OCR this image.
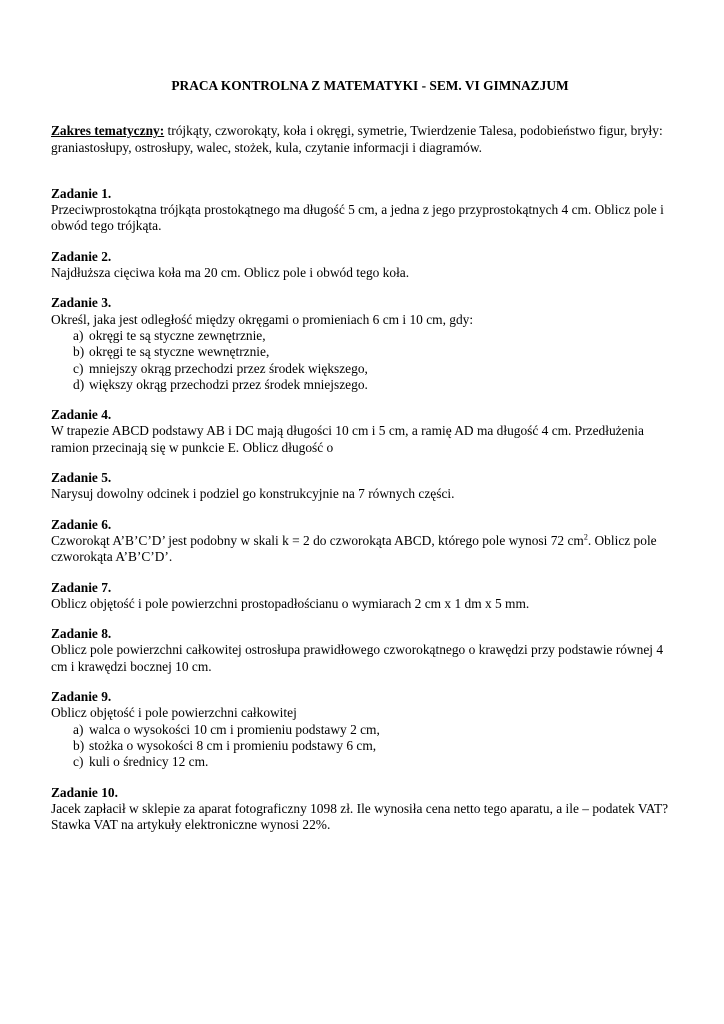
PRACA KONTROLNA Z MATEMATYKI - SEM. VI GIMNAZJUM
Zakres tematyczny: trójkąty, czworokąty, koła i okręgi, symetrie, Twierdzenie Talesa, podobieństwo figur, bryły: graniastosłupy, ostrosłupy, walec, stożek, kula, czytanie informacji i diagramów.
Zadanie 1.
Przeciwprostokątna trójkąta prostokątnego ma długość 5 cm, a jedna z jego przyprostokątnych 4 cm. Oblicz pole i obwód tego trójkąta.
Zadanie 2.
Najdłuższa cięciwa koła ma 20 cm. Oblicz pole i obwód tego koła.
Zadanie 3.
Określ, jaka jest odległość między okręgami o promieniach 6 cm i 10 cm, gdy:
a) okręgi te są styczne zewnętrznie,
b) okręgi te są styczne wewnętrznie,
c) mniejszy okrąg przechodzi przez środek większego,
d) większy okrąg przechodzi przez środek mniejszego.
Zadanie 4.
W trapezie ABCD podstawy AB i DC mają długości 10 cm i 5 cm, a ramię AD ma długość 4 cm. Przedłużenia ramion przecinają się w punkcie E. Oblicz długość o
Zadanie 5.
Narysuj dowolny odcinek i podziel go konstrukcyjnie na 7 równych części.
Zadanie 6.
Czworokąt A’B’C’D’ jest podobny w skali k = 2 do czworokąta ABCD, którego pole wynosi 72 $cm^2$. Oblicz pole czworokąta A’B’C’D’.
Zadanie 7.
Oblicz objętość i pole powierzchni prostopadłościanu o wymiarach 2 cm x 1 dm x 5 mm.
Zadanie 8.
Oblicz pole powierzchni całkowitej ostrosłupa prawidłowego czworokątnego o krawędzi przy podstawie równej 4 cm i krawędzi bocznej 10 cm.
Zadanie 9.
Oblicz objętość i pole powierzchni całkowitej
a) walca o wysokości 10 cm i promieniu podstawy 2 cm,
b) stożka o wysokości 8 cm i promieniu podstawy 6 cm,
c) kuli o średnicy 12 cm.
Zadanie 10.
Jacek zapłacił w sklepie za aparat fotograficzny 1098 zł. Ile wynosiła cena netto tego aparatu, a ile – podatek VAT? Stawka VAT na artykuły elektroniczne wynosi 22%.
